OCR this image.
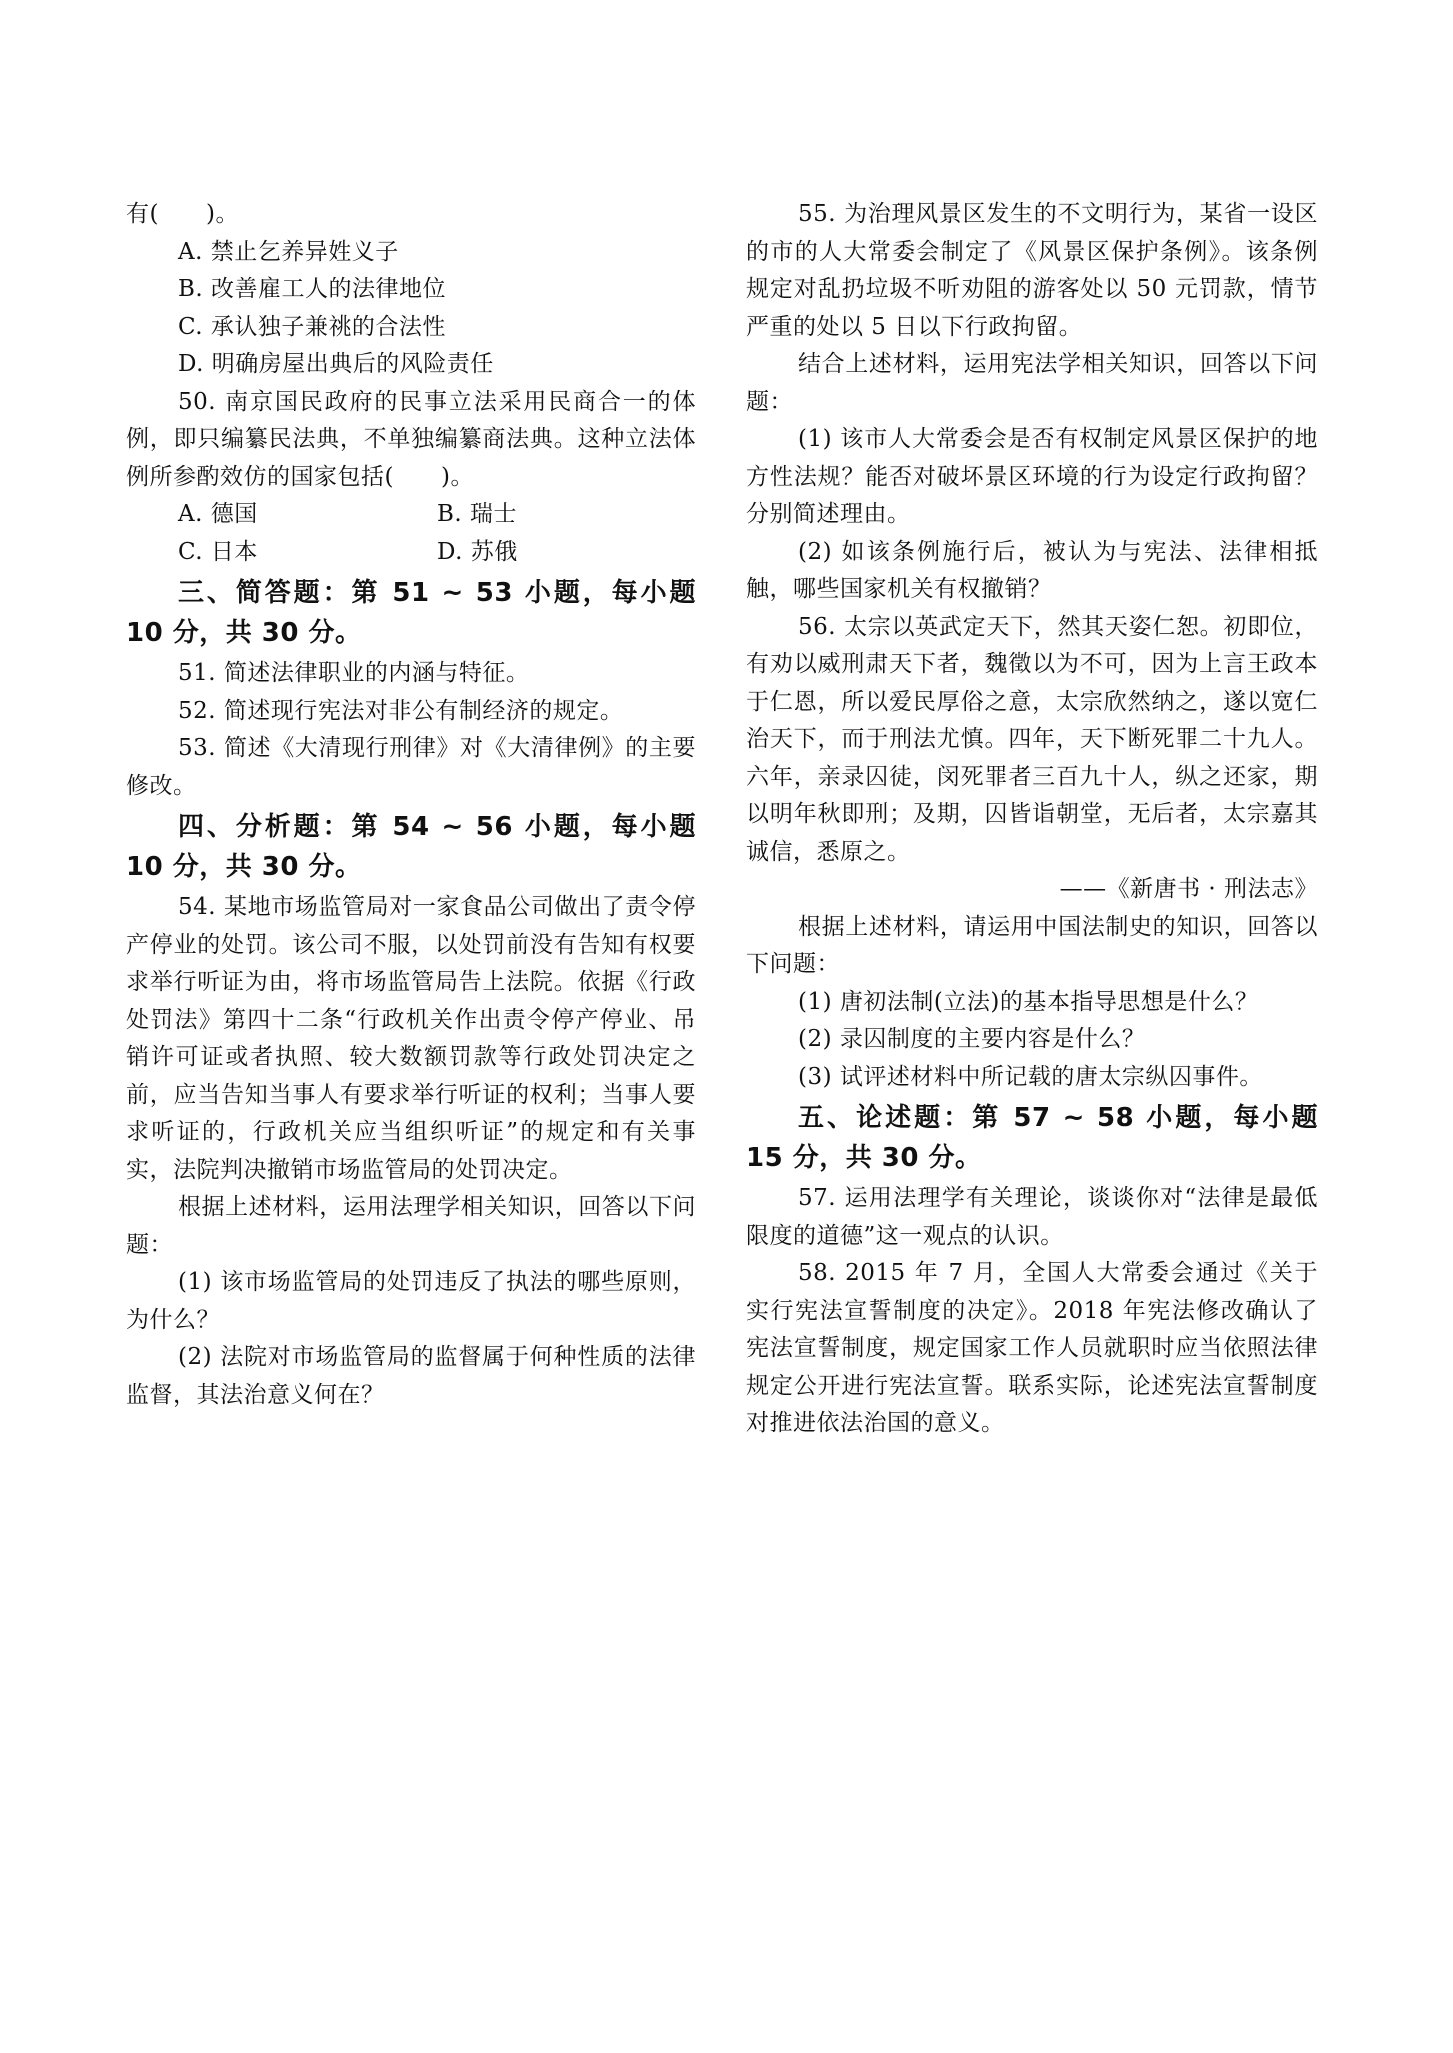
有(　　)。
A. 禁止乞养异姓义子
B. 改善雇工人的法律地位
C. 承认独子兼祧的合法性
D. 明确房屋出典后的风险责任
50. 南京国民政府的民事立法采用民商合一的体例，即只编纂民法典，不单独编纂商法典。这种立法体例所参酌效仿的国家包括(　　)。
A. 德国	B. 瑞士
C. 日本	D. 苏俄
三、简答题：第 51 ~ 53 小题，每小题 10 分，共 30 分。
51. 简述法律职业的内涵与特征。
52. 简述现行宪法对非公有制经济的规定。
53. 简述《大清现行刑律》对《大清律例》的主要修改。
四、分析题：第 54 ~ 56 小题，每小题 10 分，共 30 分。
54. 某地市场监管局对一家食品公司做出了责令停产停业的处罚。该公司不服，以处罚前没有告知有权要求举行听证为由，将市场监管局告上法院。依据《行政处罚法》第四十二条“行政机关作出责令停产停业、吊销许可证或者执照、较大数额罚款等行政处罚决定之前，应当告知当事人有要求举行听证的权利；当事人要求听证的，行政机关应当组织听证”的规定和有关事实，法院判决撤销市场监管局的处罚决定。
根据上述材料，运用法理学相关知识，回答以下问题：
(1) 该市场监管局的处罚违反了执法的哪些原则，为什么？
(2) 法院对市场监管局的监督属于何种性质的法律监督，其法治意义何在？
55. 为治理风景区发生的不文明行为，某省一设区的市的人大常委会制定了《风景区保护条例》。该条例规定对乱扔垃圾不听劝阻的游客处以 50 元罚款，情节严重的处以 5 日以下行政拘留。
结合上述材料，运用宪法学相关知识，回答以下问题：
(1) 该市人大常委会是否有权制定风景区保护的地方性法规？能否对破坏景区环境的行为设定行政拘留？分别简述理由。
(2) 如该条例施行后，被认为与宪法、法律相抵触，哪些国家机关有权撤销？
56. 太宗以英武定天下，然其天姿仁恕。初即位，有劝以威刑肃天下者，魏徵以为不可，因为上言王政本于仁恩，所以爱民厚俗之意，太宗欣然纳之，遂以宽仁治天下，而于刑法尤慎。四年，天下断死罪二十九人。六年，亲录囚徒，闵死罪者三百九十人，纵之还家，期以明年秋即刑；及期，囚皆诣朝堂，无后者，太宗嘉其诚信，悉原之。
——《新唐书 · 刑法志》
根据上述材料，请运用中国法制史的知识，回答以下问题：
(1) 唐初法制(立法)的基本指导思想是什么？
(2) 录囚制度的主要内容是什么？
(3) 试评述材料中所记载的唐太宗纵囚事件。
五、论述题：第 57 ~ 58 小题，每小题 15 分，共 30 分。
57. 运用法理学有关理论，谈谈你对“法律是最低限度的道德”这一观点的认识。
58. 2015 年 7 月，全国人大常委会通过《关于实行宪法宣誓制度的决定》。2018 年宪法修改确认了宪法宣誓制度，规定国家工作人员就职时应当依照法律规定公开进行宪法宣誓。联系实际，论述宪法宣誓制度对推进依法治国的意义。
